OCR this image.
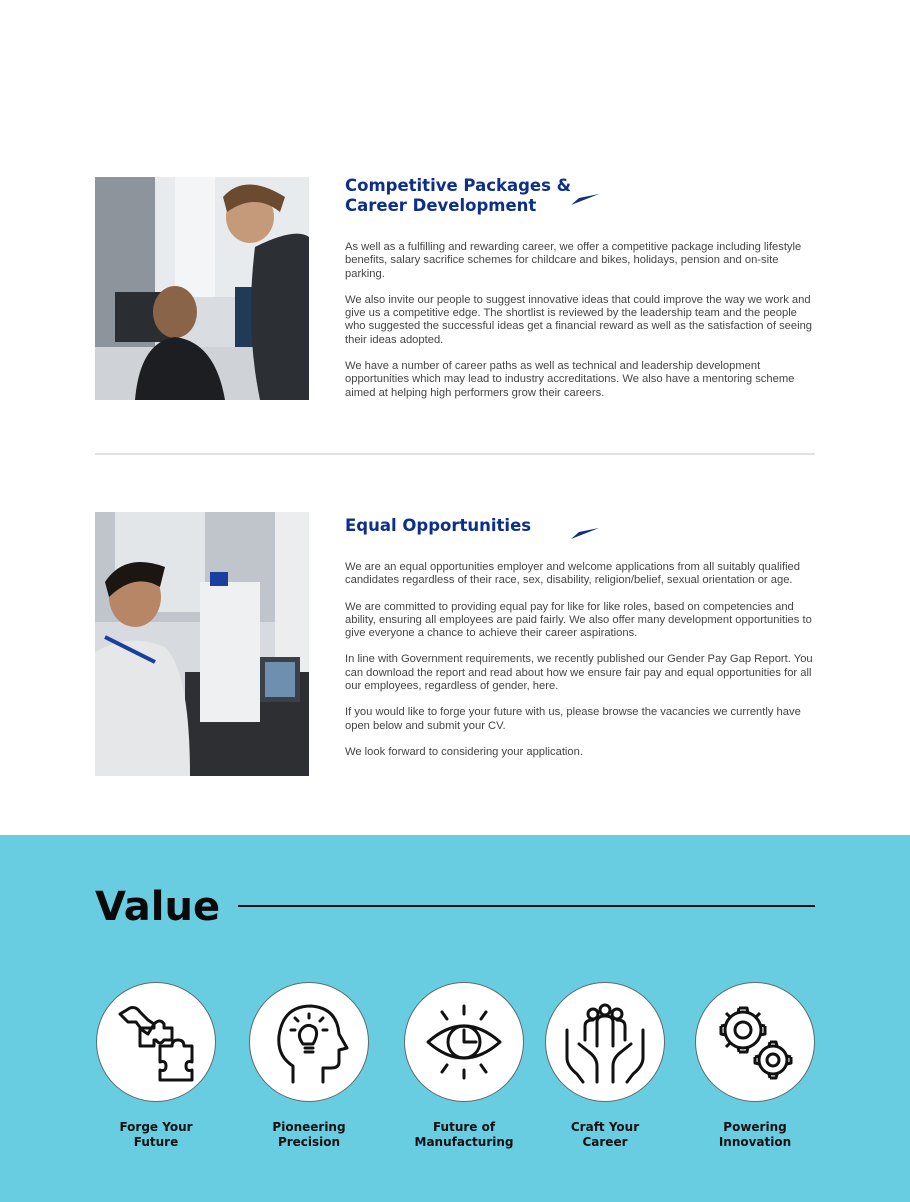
Competitive Packages &
Career Development

As well as a fulfilling and rewarding career, we offer a competitive package including lifestyle benefits, salary sacrifice schemes for childcare and bikes, holidays, pension and on-site parking.

We also invite our people to suggest innovative ideas that could improve the way we work and give us a competitive edge. The shortlist is reviewed by the leadership team and the people who suggested the successful ideas get a financial reward as well as the satisfaction of seeing their ideas adopted.

We have a number of career paths as well as technical and leadership development opportunities which may lead to industry accreditations. We also have a mentoring scheme aimed at helping high performers grow their careers.

Equal Opportunities

We are an equal opportunities employer and welcome applications from all suitably qualified candidates regardless of their race, sex, disability, religion/belief, sexual orientation or age.

We are committed to providing equal pay for like for like roles, based on competencies and ability, ensuring all employees are paid fairly. We also offer many development opportunities to give everyone a chance to achieve their career aspirations.

In line with Government requirements, we recently published our Gender Pay Gap Report. You can download the report and read about how we ensure fair pay and equal opportunities for all our employees, regardless of gender, here.

If you would like to forge your future with us, please browse the vacancies we currently have open below and submit your CV.

We look forward to considering your application.

Value
Forge Your
Future
Pioneering
Precision
Future of
Manufacturing
Craft Your
Career
Powering
Innovation
